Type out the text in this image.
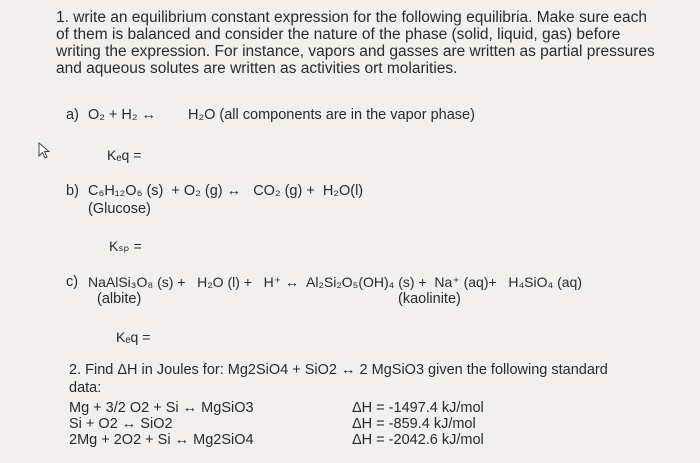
1. write an equilibrium constant expression for the following equilibria. Make sure each
of them is balanced and consider the nature of the phase (solid, liquid, gas) before
writing the expression. For instance, vapors and gasses are written as partial pressures
and aqueous solutes are written as activities ort molarities.
a) O₂ + H₂ ↔ H₂O (all components are in the vapor phase)
Kₑq =
b) C₆H₁₂O₆ (s)  + O₂ (g) ↔   CO₂ (g) +  H₂O(l)
(Glucose)
Kₛₚ =
c) NaAlSi₃O₈ (s) +   H₂O (l) +   H⁺ ↔  Al₂Si₂O₅(OH)₄ (s) +  Na⁺ (aq)+   H₄SiO₄ (aq)
(albite)	(kaolinite)
Kₑq =
2. Find ΔH in Joules for: Mg2SiO4 + SiO2 ↔ 2 MgSiO3 given the following standard
data:
Mg + 3/2 O2 + Si ↔ MgSiO3	ΔH = -1497.4 kJ/mol
Si + O2 ↔ SiO2	ΔH = -859.4 kJ/mol
2Mg + 2O2 + Si ↔ Mg2SiO4	ΔH = -2042.6 kJ/mol
